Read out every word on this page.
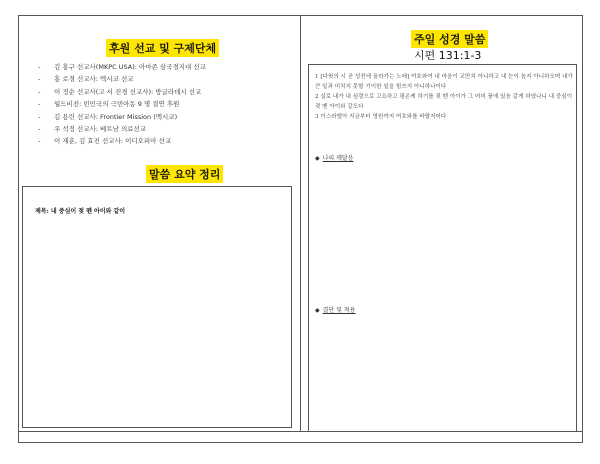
후원 선교 및 구제단체
- 김 홍구 선교사(MKPC USA): 아마존 삼국경지대 선교
- 홍 로경 선교사: 멕시코 선교
- 이 정순 선교사(고 서 진경 선교사): 방글라데시 선교
- 월드비전: 빈민국의 극빈아동 9 명 결연 후원
- 김 용린 선교사: Frontier Mission (멕시코)
- 우 석정 선교사: 베트남 의료선교
- 이 재훈, 김 효진 선교사: 이디오피아 선교
말씀 요약 정리
제목: 내 중심이 젖 뗀 아이와 같이
주일 성경 말씀
시편 131:1-3
1 [다윗의 시 곧 성전에 올라가는 노래] 여호와여 내 마음이 교만치 아니하고 내 눈이 높지 아니하오며 내가 큰 일과 미치지 못할 기이한 일을 힘쓰지 아니하나이다
2 실로 내가 내 심령으로 고요하고 평온케 하기를 젖 뗀 아이가 그 어미 품에 있음 같게 하였나니 내 중심이 젖 뗀 아이와 같도다
3 이스라엘아 지금부터 영원까지 여호와를 바랄지어다
◆ 나의 깨달음
◆ 결단 및 적용
